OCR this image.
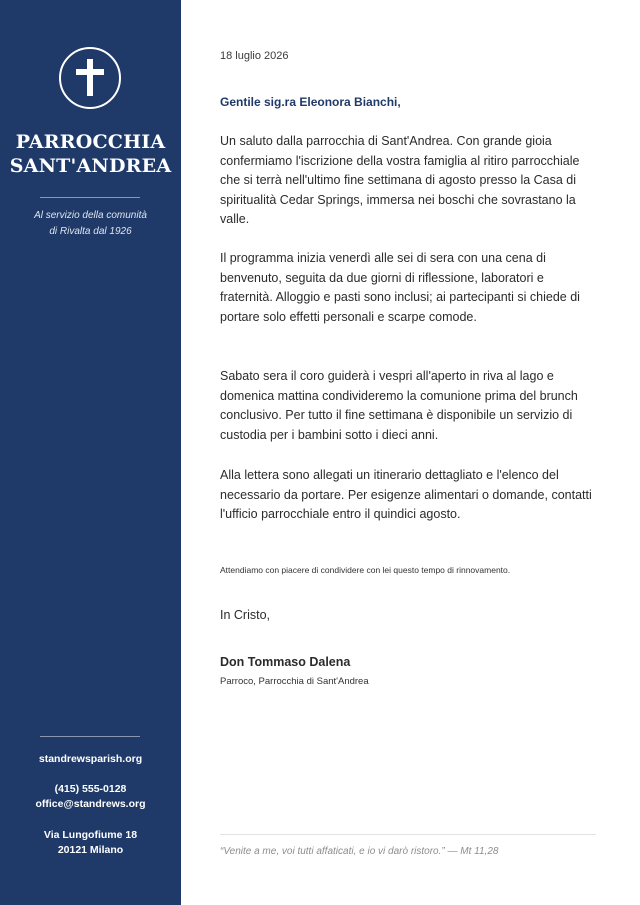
PARROCCHIA
SANT'ANDREA
Al servizio della comunità
di Rivalta dal 1926
standrewsparish.org
(415) 555-0128
office@standrews.org
Via Lungofiume 18
20121 Milano
18 luglio 2026
Gentile sig.ra Eleonora Bianchi,
Un saluto dalla parrocchia di Sant'Andrea. Con grande gioia confermiamo l'iscrizione della vostra famiglia al ritiro parrocchiale che si terrà nell'ultimo fine settimana di agosto presso la Casa di spiritualità Cedar Springs, immersa nei boschi che sovrastano la valle.
Il programma inizia venerdì alle sei di sera con una cena di benvenuto, seguita da due giorni di riflessione, laboratori e fraternità. Alloggio e pasti sono inclusi; ai partecipanti si chiede di portare solo effetti personali e scarpe comode.
Sabato sera il coro guiderà i vespri all'aperto in riva al lago e domenica mattina condivideremo la comunione prima del brunch conclusivo. Per tutto il fine settimana è disponibile un servizio di custodia per i bambini sotto i dieci anni.
Alla lettera sono allegati un itinerario dettagliato e l'elenco del necessario da portare. Per esigenze alimentari o domande, contatti l'ufficio parrocchiale entro il quindici agosto.
Attendiamo con piacere di condividere con lei questo tempo di rinnovamento.
In Cristo,
Don Tommaso Dalena
Parroco, Parrocchia di Sant'Andrea
“Venite a me, voi tutti affaticati, e io vi darò ristoro.” — Mt 11,28
